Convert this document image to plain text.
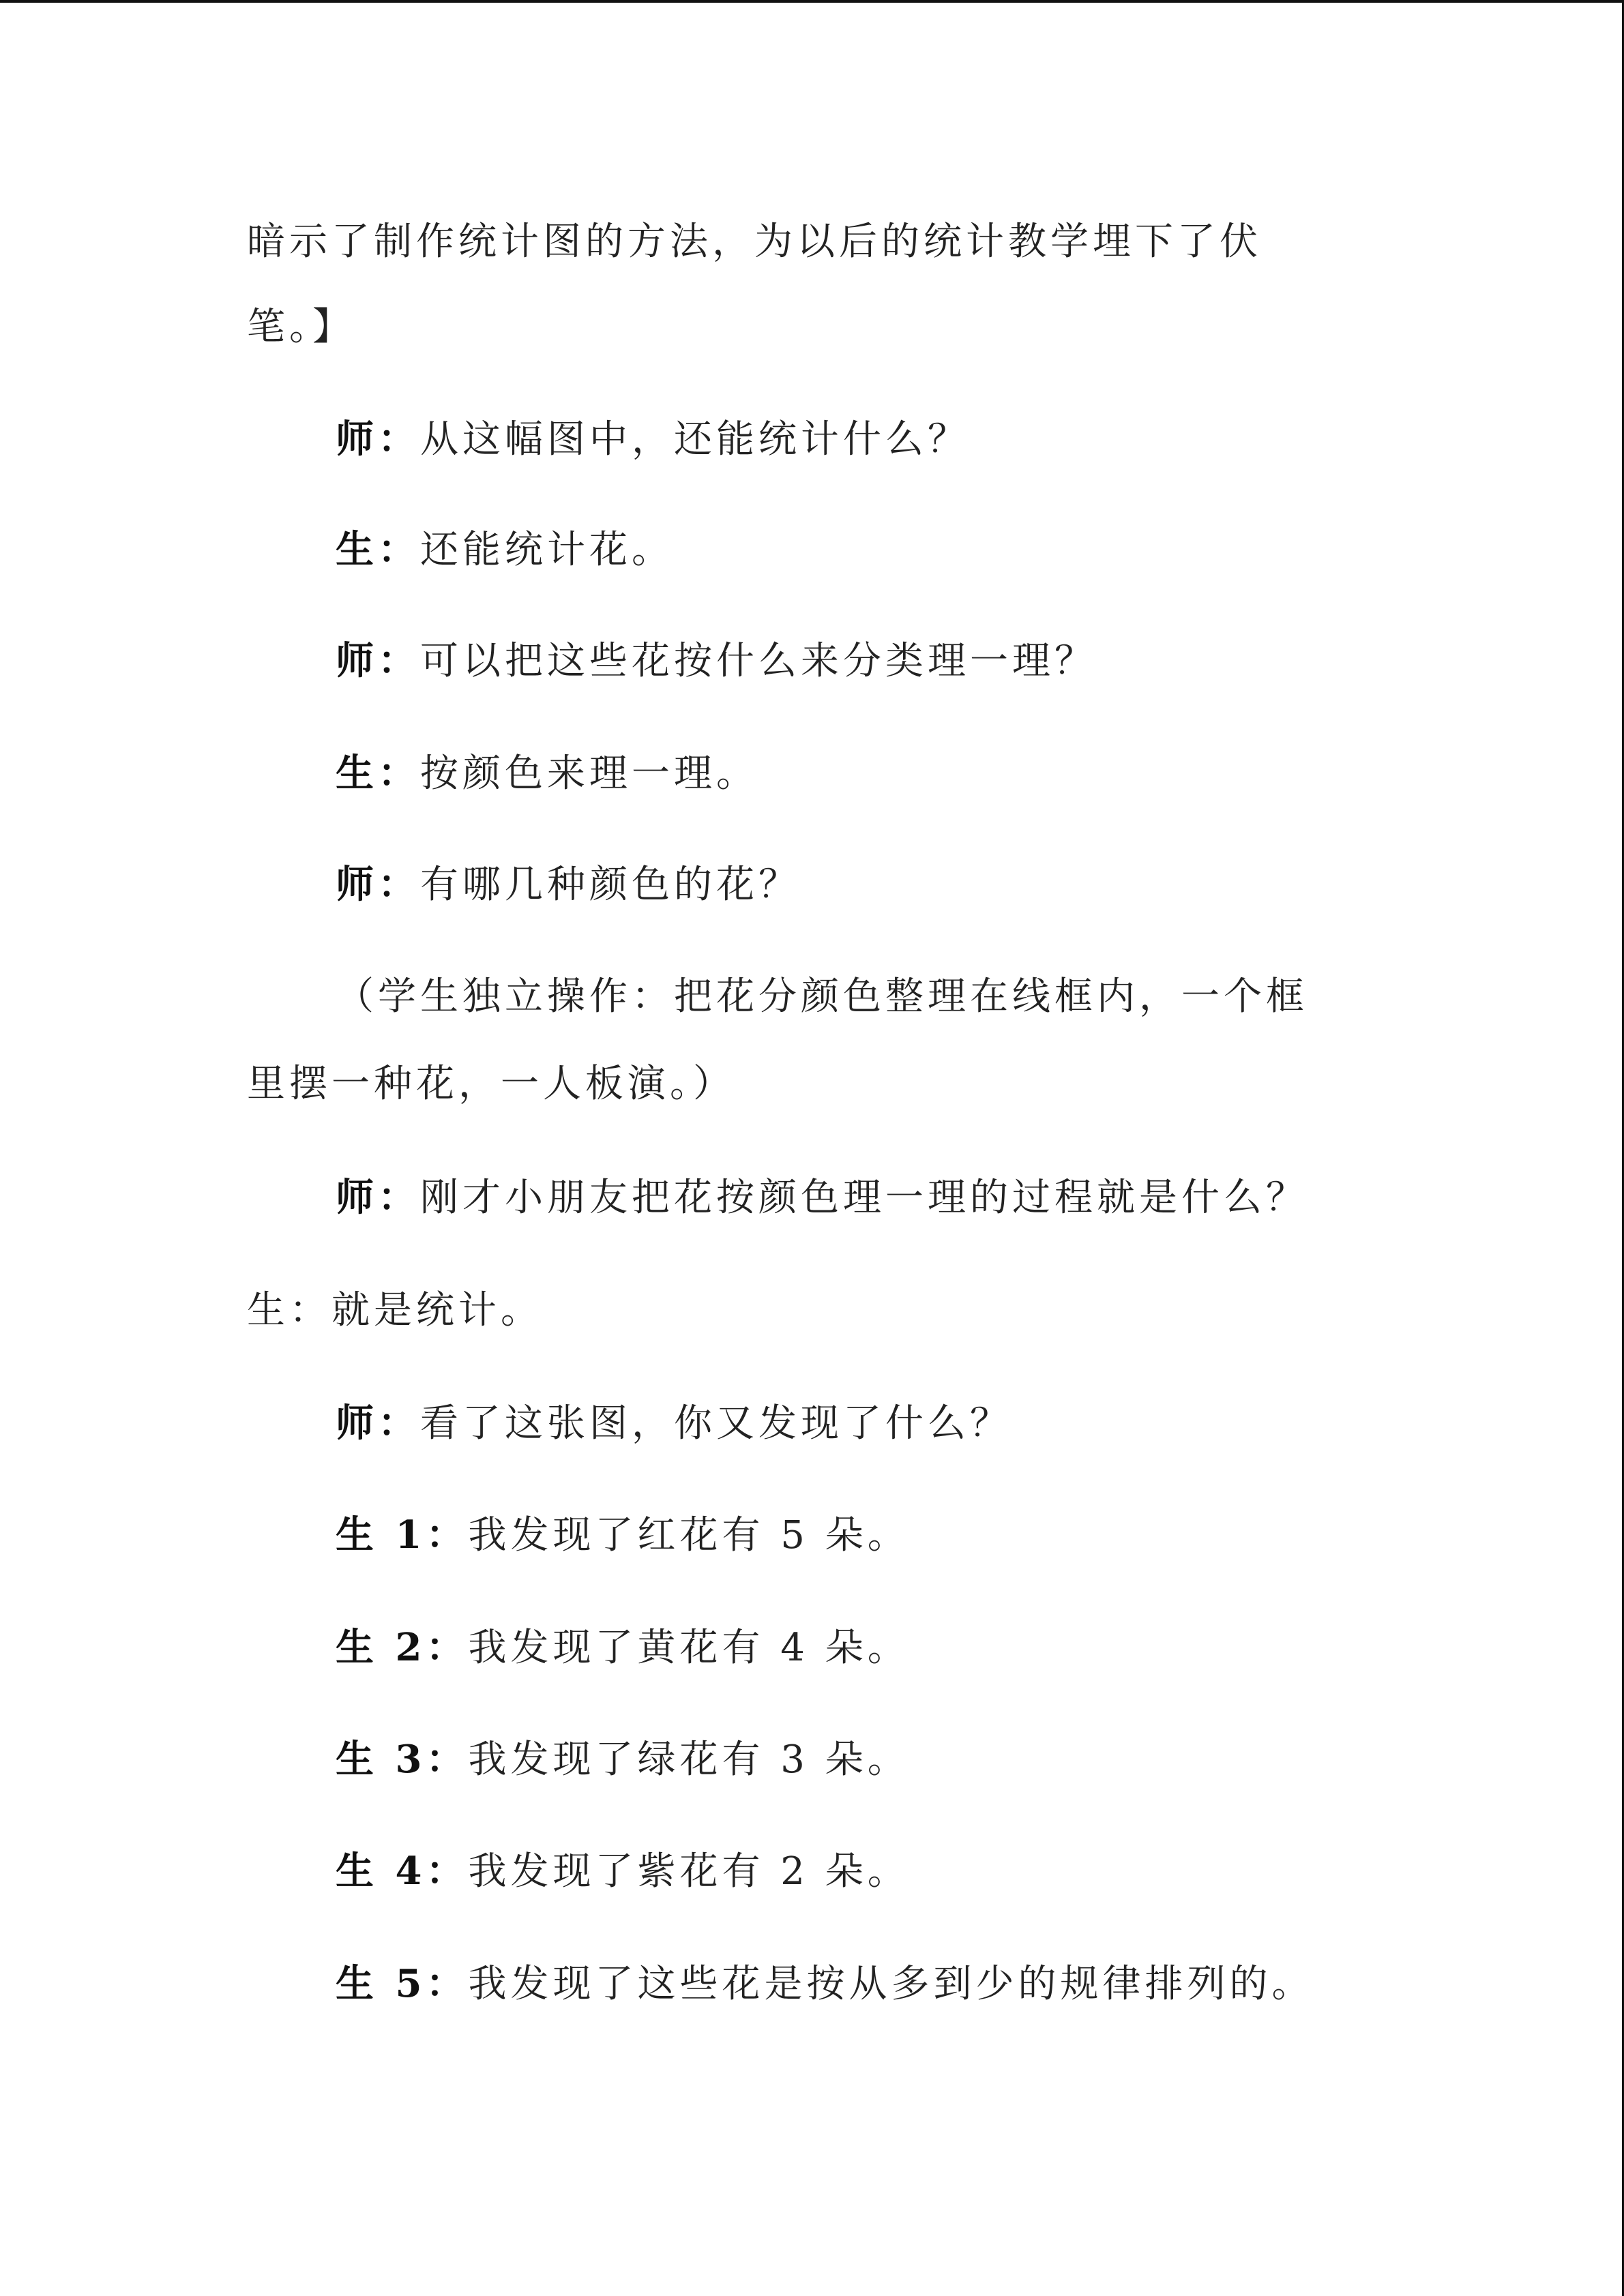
暗示了制作统计图的方法，为以后的统计教学埋下了伏
笔。】
师：从这幅图中，还能统计什么？
生：还能统计花。
师：可以把这些花按什么来分类理一理？
生：按颜色来理一理。
师：有哪几种颜色的花？
（学生独立操作：把花分颜色整理在线框内，一个框
里摆一种花，一人板演。）
师：刚才小朋友把花按颜色理一理的过程就是什么？
生：就是统计。
师：看了这张图，你又发现了什么？
生 1：我发现了红花有 5 朵。
生 2：我发现了黄花有 4 朵。
生 3：我发现了绿花有 3 朵。
生 4：我发现了紫花有 2 朵。
生 5：我发现了这些花是按从多到少的规律排列的。
